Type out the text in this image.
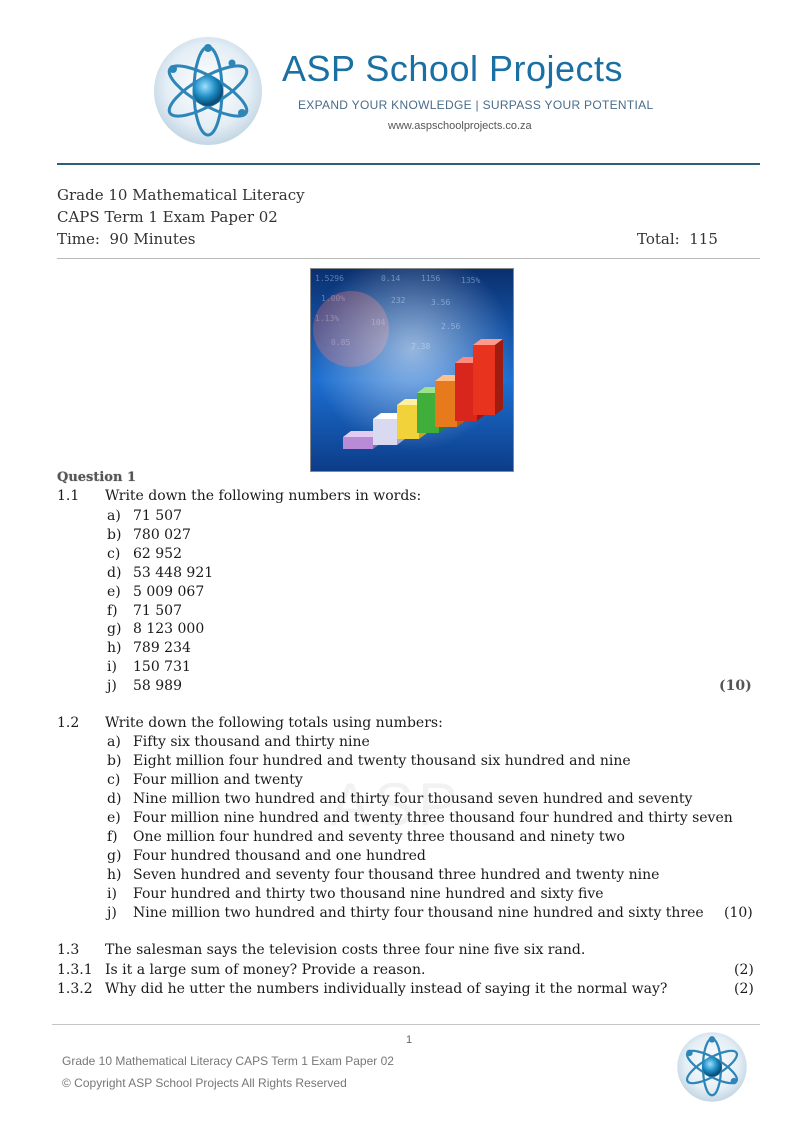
ASP School Projects
EXPAND YOUR KNOWLEDGE | SURPASS YOUR POTENTIAL
www.aspschoolprojects.co.za
Grade 10 Mathematical Literacy
CAPS Term 1 Exam Paper 02
Time: 90 Minutes	Total: 115
Question 1
1.1 Write down the following numbers in words:
a) 71 507
b) 780 027
c) 62 952
d) 53 448 921
e) 5 009 067
f) 71 507
g) 8 123 000
h) 789 234
i) 150 731
j) 58 989	(10)
ASP
1.2 Write down the following totals using numbers:
a) Fifty six thousand and thirty nine
b) Eight million four hundred and twenty thousand six hundred and nine
c) Four million and twenty
d) Nine million two hundred and thirty four thousand seven hundred and seventy
e) Four million nine hundred and twenty three thousand four hundred and thirty seven
f) One million four hundred and seventy three thousand and ninety two
g) Four hundred thousand and one hundred
h) Seven hundred and seventy four thousand three hundred and twenty nine
i) Four hundred and thirty two thousand nine hundred and sixty five
j) Nine million two hundred and thirty four thousand nine hundred and sixty three (10)
1.3 The salesman says the television costs three four nine five six rand.
1.3.1 Is it a large sum of money? Provide a reason.	(2)
1.3.2 Why did he utter the numbers individually instead of saying it the normal way?	(2)
1
Grade 10 Mathematical Literacy CAPS Term 1 Exam Paper 02
© Copyright ASP School Projects All Rights Reserved
